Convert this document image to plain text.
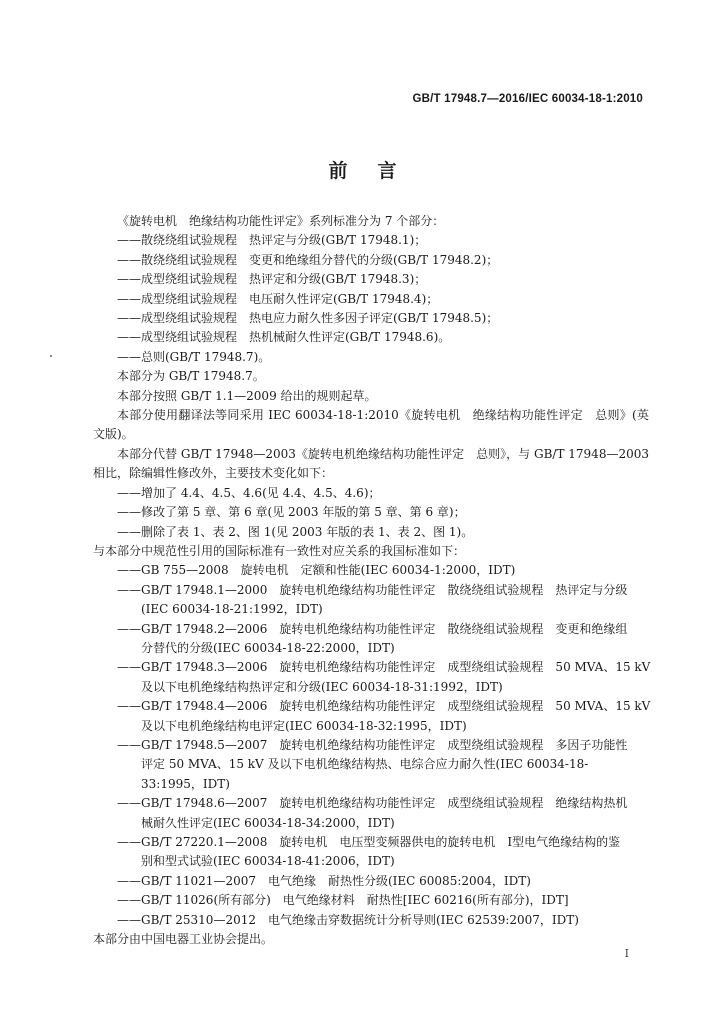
GB/T 17948.7—2016/IEC 60034-18-1:2010
前言

《旋转电机　绝缘结构功能性评定》系列标准分为 7 个部分：

——散绕绕组试验规程　热评定与分级(GB/T 17948.1)；

——散绕绕组试验规程　变更和绝缘组分替代的分级(GB/T 17948.2)；

——成型绕组试验规程　热评定和分级(GB/T 17948.3)；

——成型绕组试验规程　电压耐久性评定(GB/T 17948.4)；

——成型绕组试验规程　热电应力耐久性多因子评定(GB/T 17948.5)；

——成型绕组试验规程　热机械耐久性评定(GB/T 17948.6)。

——总则(GB/T 17948.7)。

本部分为 GB/T 17948.7。

本部分按照 GB/T 1.1—2009 给出的规则起草。

本部分使用翻译法等同采用 IEC 60034-18-1:2010《旋转电机　绝缘结构功能性评定　总则》(英文版)。

本部分代替 GB/T 17948—2003《旋转电机绝缘结构功能性评定　总则》，与 GB/T 17948—2003 相比，除编辑性修改外，主要技术变化如下：

——增加了 4.4、4.5、4.6(见 4.4、4.5、4.6)；

——修改了第 5 章、第 6 章(见 2003 年版的第 5 章、第 6 章)；

——删除了表 1、表 2、图 1(见 2003 年版的表 1、表 2、图 1)。

与本部分中规范性引用的国际标准有一致性对应关系的我国标准如下：

——GB 755—2008　旋转电机　定额和性能(IEC 60034-1:2000，IDT)
——GB/T 17948.1—2000　旋转电机绝缘结构功能性评定　散绕绕组试验规程　热评定与分级
(IEC 60034-18-21:1992，IDT)
——GB/T 17948.2—2006　旋转电机绝缘结构功能性评定　散绕绕组试验规程　变更和绝缘组
分替代的分级(IEC 60034-18-22:2000，IDT)
——GB/T 17948.3—2006　旋转电机绝缘结构功能性评定　成型绕组试验规程　50 MVA、15 kV
及以下电机绝缘结构热评定和分级(IEC 60034-18-31:1992，IDT)
——GB/T 17948.4—2006　旋转电机绝缘结构功能性评定　成型绕组试验规程　50 MVA、15 kV
及以下电机绝缘结构电评定(IEC 60034-18-32:1995，IDT)
——GB/T 17948.5—2007　旋转电机绝缘结构功能性评定　成型绕组试验规程　多因子功能性
评定 50 MVA、15 kV 及以下电机绝缘结构热、电综合应力耐久性(IEC 60034-18-33:1995，IDT)
——GB/T 17948.6—2007　旋转电机绝缘结构功能性评定　成型绕组试验规程　绝缘结构热机
械耐久性评定(IEC 60034-18-34:2000，IDT)
——GB/T 27220.1—2008　旋转电机　电压型变频器供电的旋转电机　Ⅰ型电气绝缘结构的鉴
别和型式试验(IEC 60034-18-41:2006，IDT)
——GB/T 11021—2007　电气绝缘　耐热性分级(IEC 60085:2004，IDT)
——GB/T 11026(所有部分)　电气绝缘材料　耐热性[IEC 60216(所有部分)，IDT]
——GB/T 25310—2012　电气绝缘击穿数据统计分析导则(IEC 62539:2007，IDT)

本部分由中国电器工业协会提出。

I
